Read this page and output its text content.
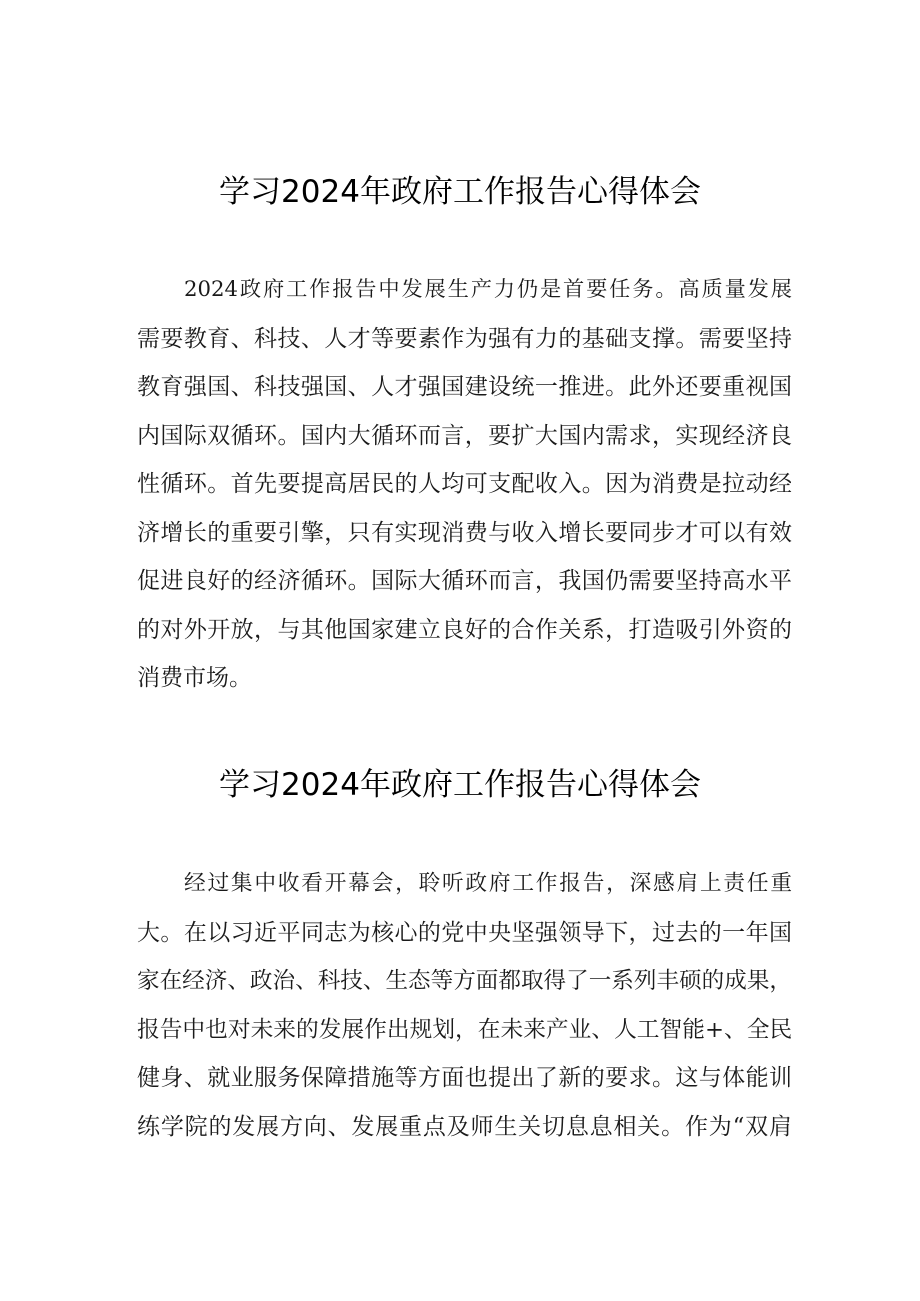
学习2024年政府工作报告心得体会
2024政府工作报告中发展生产力仍是首要任务。高质量发展
需要教育、科技、人才等要素作为强有力的基础支撑。需要坚持
教育强国、科技强国、人才强国建设统一推进。此外还要重视国
内国际双循环。国内大循环而言，要扩大国内需求，实现经济良
性循环。首先要提高居民的人均可支配收入。因为消费是拉动经
济增长的重要引擎，只有实现消费与收入增长要同步才可以有效
促进良好的经济循环。国际大循环而言，我国仍需要坚持高水平
的对外开放，与其他国家建立良好的合作关系，打造吸引外资的
消费市场。
学习2024年政府工作报告心得体会
经过集中收看开幕会，聆听政府工作报告，深感肩上责任重
大。在以习近平同志为核心的党中央坚强领导下，过去的一年国
家在经济、政治、科技、生态等方面都取得了一系列丰硕的成果，
报告中也对未来的发展作出规划，在未来产业、人工智能+、全民
健身、就业服务保障措施等方面也提出了新的要求。这与体能训
练学院的发展方向、发展重点及师生关切息息相关。作为“双肩
